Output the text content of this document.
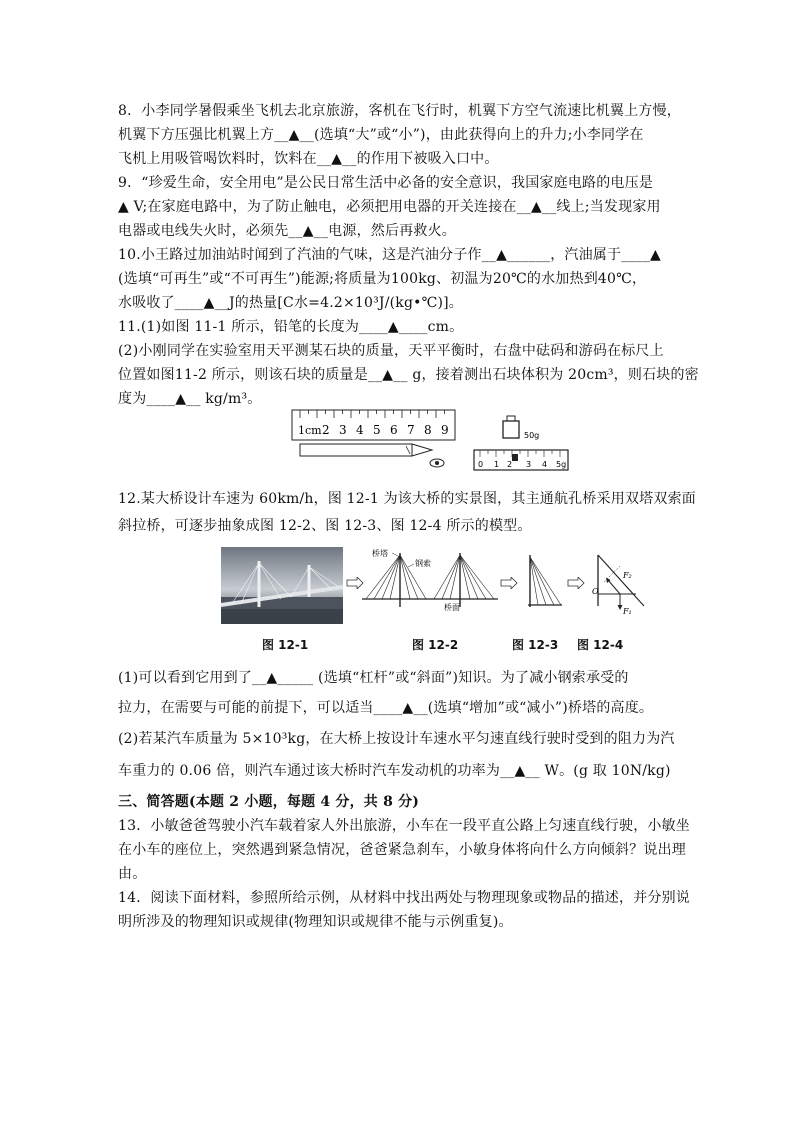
8．小李同学暑假乘坐飞机去北京旅游，客机在飞行时，机翼下方空气流速比机翼上方慢，
机翼下方压强比机翼上方__▲__(选填“大”或“小”)，由此获得向上的升力;小李同学在
飞机上用吸管喝饮料时，饮料在__▲__的作用下被吸入口中。
9．“珍爱生命，安全用电”是公民日常生活中必备的安全意识，我国家庭电路的电压是
▲ V;在家庭电路中，为了防止触电，必须把用电器的开关连接在__▲__线上;当发现家用
电器或电线失火时，必须先__▲__电源，然后再救火。
10.小王路过加油站时闻到了汽油的气味，这是汽油分子作__▲______，汽油属于____▲
(选填“可再生”或“不可再生”)能源;将质量为100kg、初温为20℃的水加热到40℃，
水吸收了____▲__J的热量[C水=4.2×10³J/(kg•℃)]。
11.(1)如图 11-1 所示，铅笔的长度为____▲____cm。
(2)小刚同学在实验室用天平测某石块的质量，天平平衡时，右盘中砝码和游码在标尺上
位置如图11-2 所示，则该石块的质量是__▲__ g，接着测出石块体积为 20cm³，则石块的密
度为____▲__ kg/m³。
1cm 2 3 4 5 6 7 8 9	50g
0 1 2 3 4 5g
12.某大桥设计车速为 60km/h，图 12-1 为该大桥的实景图，其主通航孔桥采用双塔双索面
斜拉桥，可逐步抽象成图 12-2、图 12-3、图 12-4 所示的模型。
桥塔
钢索
桥面
O
F₂
F₁
图 12-1	图 12-2	图 12-3 图 12-4
(1)可以看到它用到了__▲_____ (选填“杠杆”或“斜面”)知识。为了减小钢索承受的
拉力，在需要与可能的前提下，可以适当____▲__(选填“增加”或“减小”)桥塔的高度。
(2)若某汽车质量为 5×10³kg，在大桥上按设计车速水平匀速直线行驶时受到的阻力为汽
车重力的 0.06 倍，则汽车通过该大桥时汽车发动机的功率为__▲__ W。(g 取 10N/kg)
三、简答题(本题 2 小题，每题 4 分，共 8 分)
13．小敏爸爸驾驶小汽车载着家人外出旅游，小车在一段平直公路上匀速直线行驶，小敏坐
在小车的座位上，突然遇到紧急情况，爸爸紧急刹车，小敏身体将向什么方向倾斜？说出理
由。
14．阅读下面材料，参照所给示例，从材料中找出两处与物理现象或物品的描述，并分别说
明所涉及的物理知识或规律(物理知识或规律不能与示例重复)。
